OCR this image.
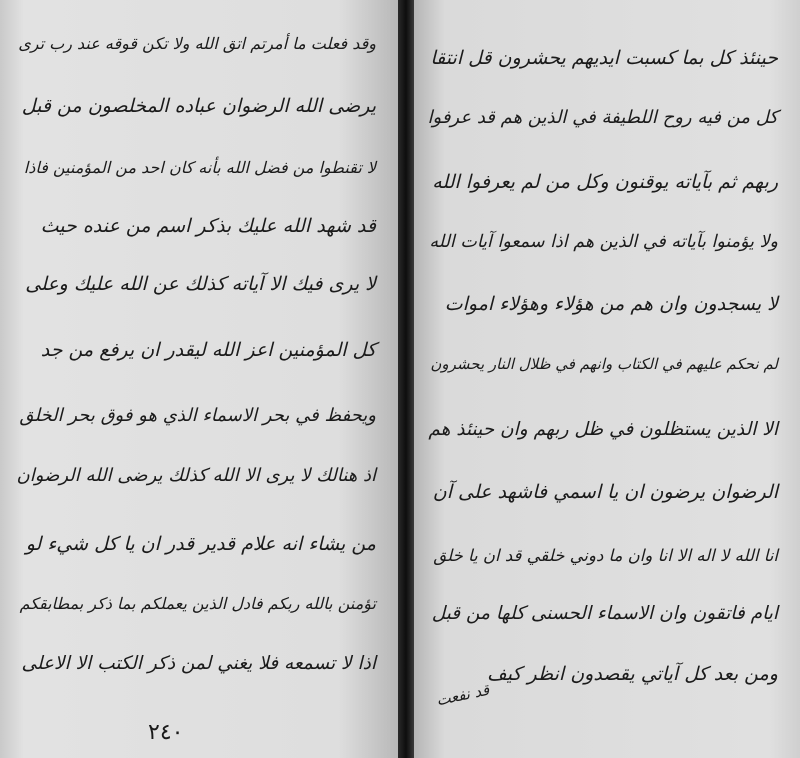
وقد فعلت ما أمرتم اتق الله ولا تكن قوقه عند رب ترى
يرضى الله الرضوان عباده المخلصون من قبل
لا تقنطوا من فضل الله بأنه كان احد من المؤمنين فاذا
قد شهد الله عليك بذكر اسم من عنده حيث
لا يرى فيك الا آياته كذلك عن الله عليك وعلى
كل المؤمنين اعز الله ليقدر ان يرفع من جد
ويحفظ في بحر الاسماء الذي هو فوق بحر الخلق
اذ هنالك لا يرى الا الله كذلك يرضى الله الرضوان
من يشاء انه علام قدير قدر ان يا كل شيء لو
تؤمنن بالله ربكم فادل الذين يعملكم بما ذكر بمطابقكم
اذا لا تسمعه فلا يغني لمن ذكر الكتب الا الاعلى
٢٤٠
حينئذ كل بما كسبت ايديهم يحشرون قل انتقا
كل من فيه روح اللطيفة في الذين هم قد عرفوا
ربهم ثم بآياته يوقنون وكل من لم يعرفوا الله
ولا يؤمنوا بآياته في الذين هم اذا سمعوا آيات الله
لا يسجدون وان هم من هؤلاء وهؤلاء اموات
لم نحكم عليهم في الكتاب وانهم في ظلال النار يحشرون
الا الذين يستظلون في ظل ربهم وان حينئذ هم
الرضوان يرضون ان يا اسمي فاشهد على آن
انا الله لا اله الا انا وان ما دوني خلقي قد ان يا خلق
ايام فاتقون وان الاسماء الحسنى كلها من قبل
ومن بعد كل آياتي يقصدون انظر كيف
قد نفعت
